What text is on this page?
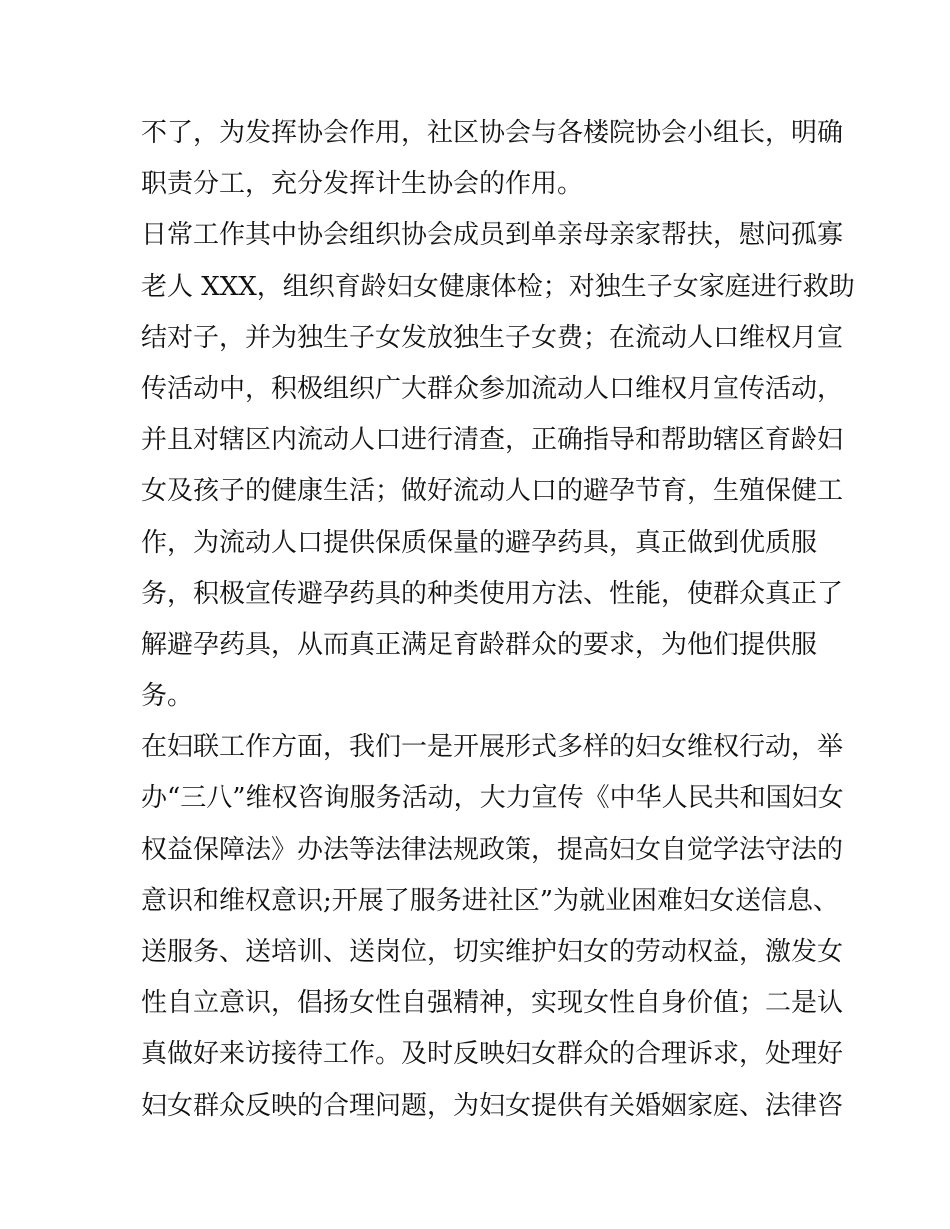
不了，为发挥协会作用，社区协会与各楼院协会小组长，明确
职责分工，充分发挥计生协会的作用。
日常工作其中协会组织协会成员到单亲母亲家帮扶，慰问孤寡
老人 XXX，组织育龄妇女健康体检；对独生子女家庭进行救助
结对子，并为独生子女发放独生子女费；在流动人口维权月宣
传活动中，积极组织广大群众参加流动人口维权月宣传活动，
并且对辖区内流动人口进行清查，正确指导和帮助辖区育龄妇
女及孩子的健康生活；做好流动人口的避孕节育，生殖保健工
作，为流动人口提供保质保量的避孕药具，真正做到优质服
务，积极宣传避孕药具的种类使用方法、性能，使群众真正了
解避孕药具，从而真正满足育龄群众的要求，为他们提供服
务。
在妇联工作方面，我们一是开展形式多样的妇女维权行动，举
办“三八”维权咨询服务活动，大力宣传《中华人民共和国妇女
权益保障法》办法等法律法规政策，提高妇女自觉学法守法的
意识和维权意识;开展了服务进社区”为就业困难妇女送信息、
送服务、送培训、送岗位，切实维护妇女的劳动权益，激发女
性自立意识，倡扬女性自强精神，实现女性自身价值；二是认
真做好来访接待工作。及时反映妇女群众的合理诉求，处理好
妇女群众反映的合理问题，为妇女提供有关婚姻家庭、法律咨
